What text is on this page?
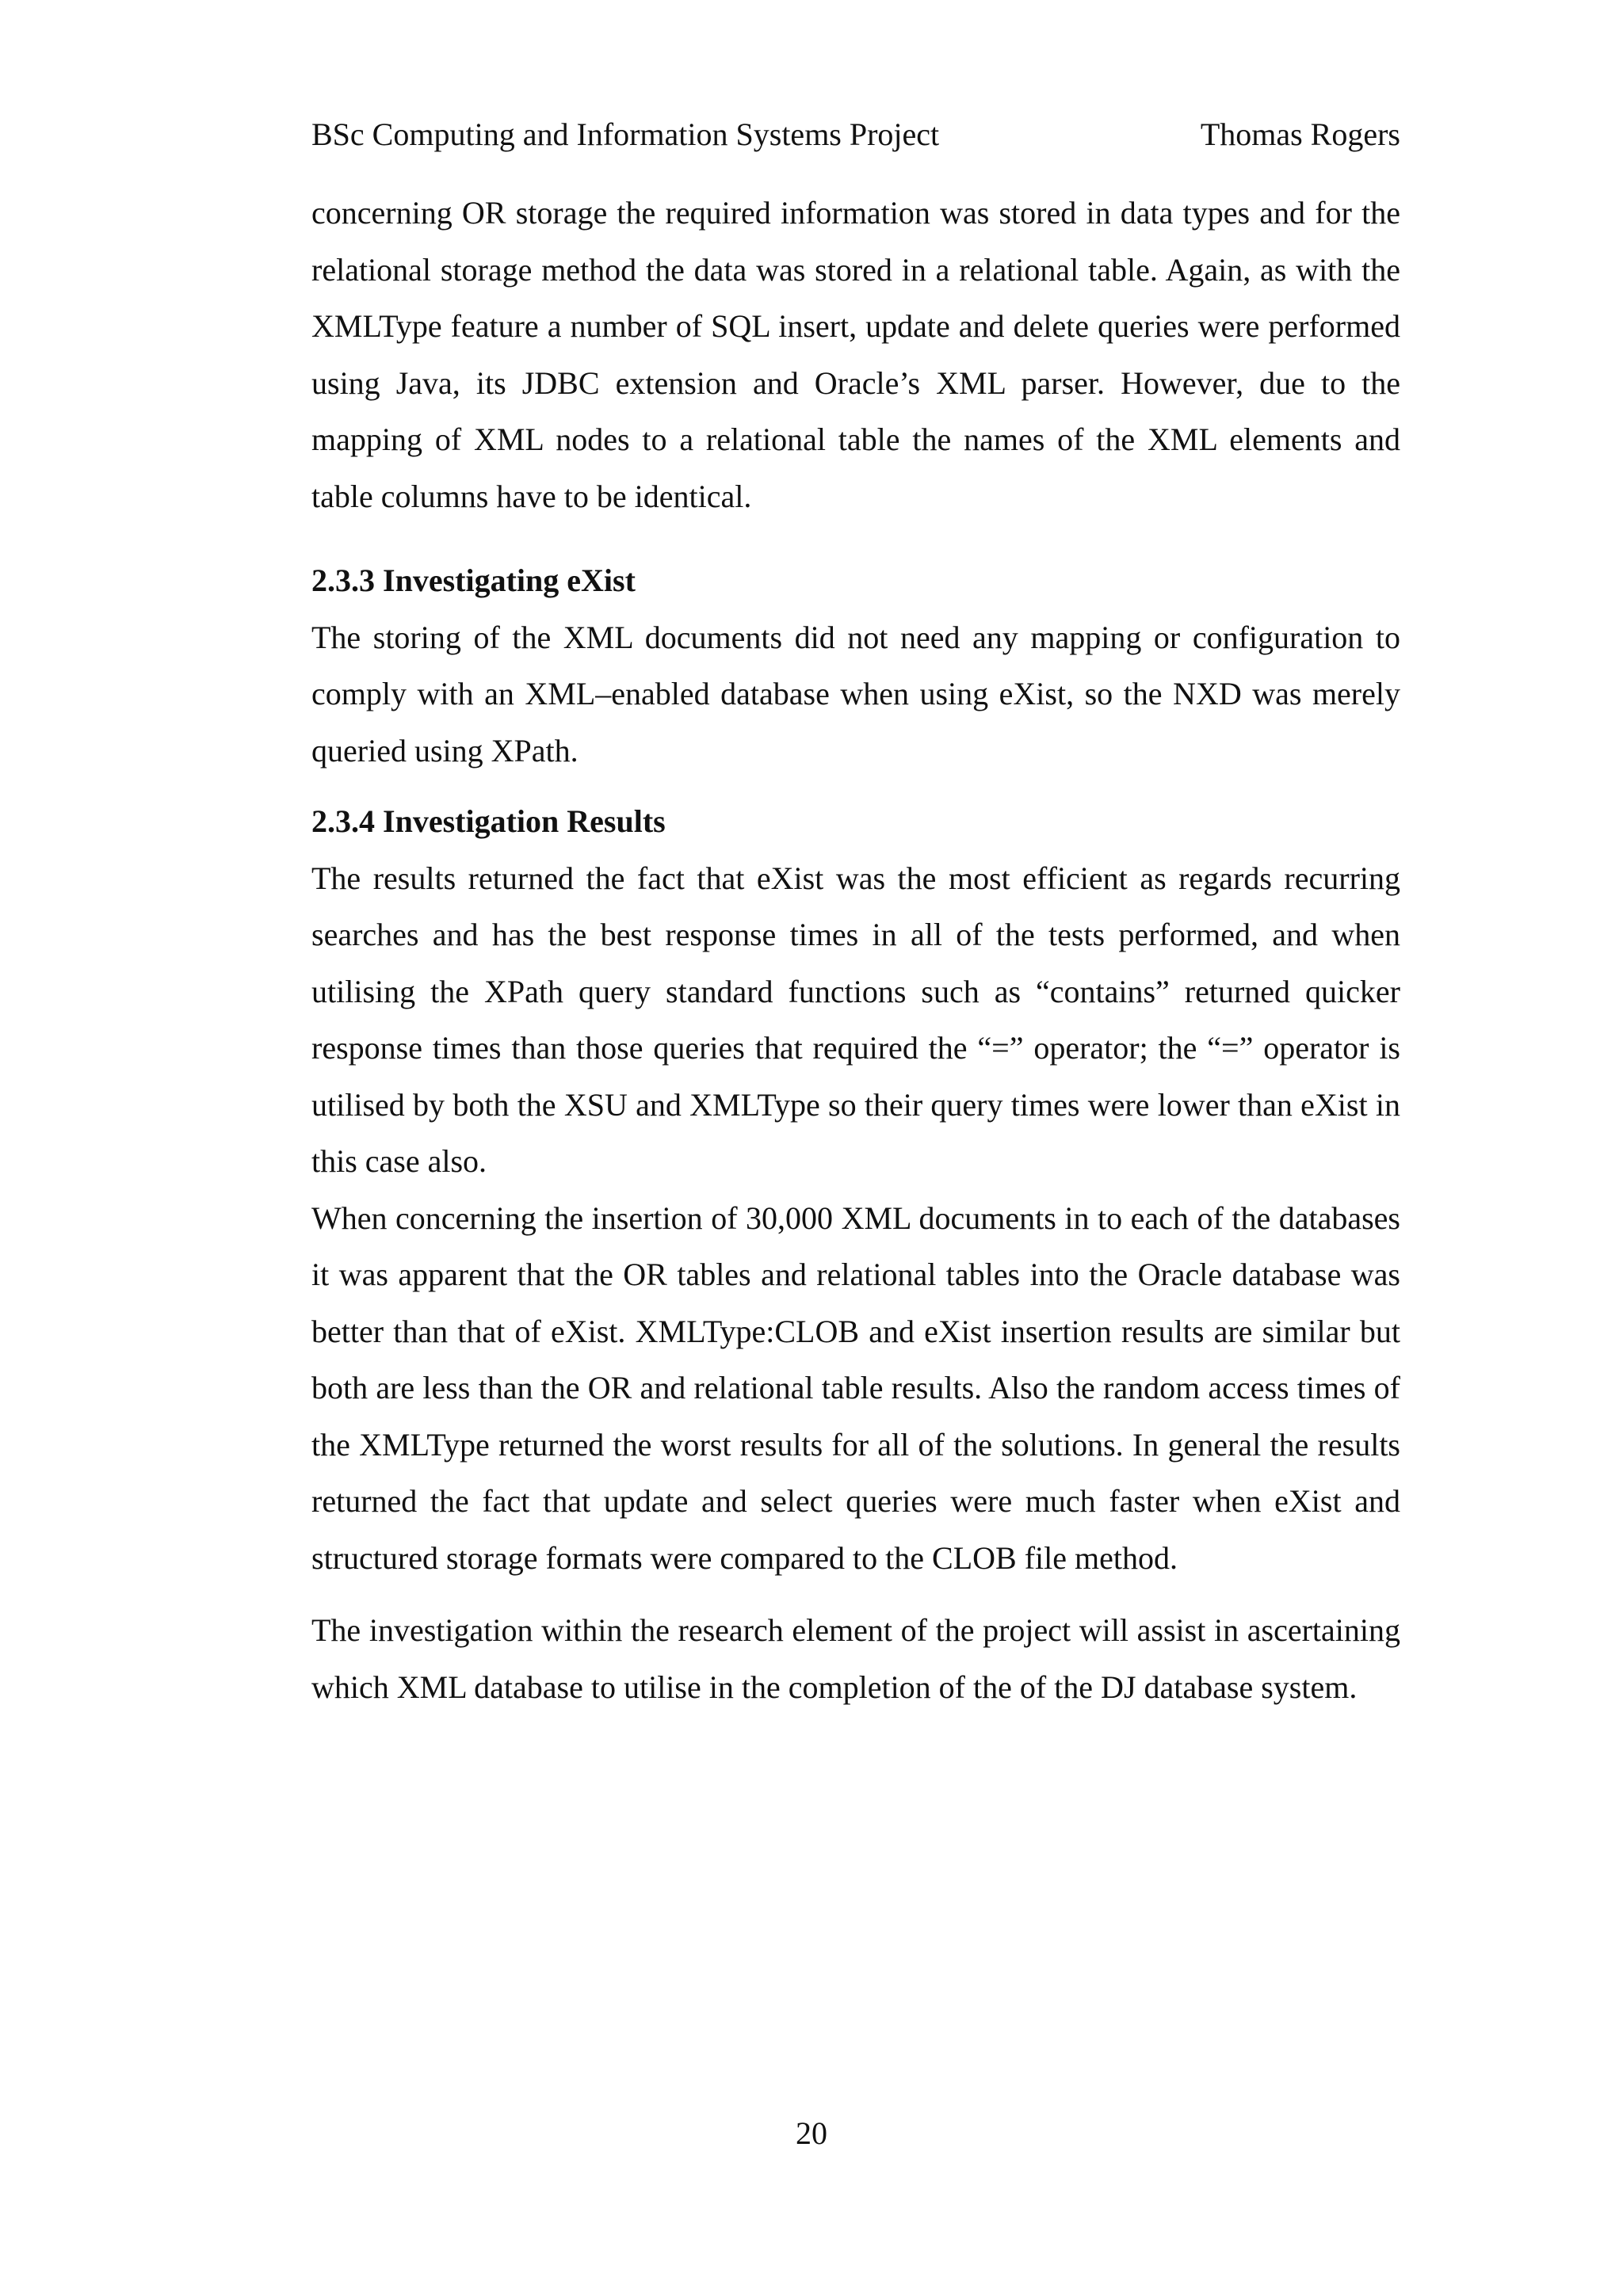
BSc Computing and Information Systems Project	Thomas Rogers

concerning OR storage the required information was stored in data types and for the relational storage method the data was stored in a relational table. Again, as with the XMLType feature a number of SQL insert, update and delete queries were performed using Java, its JDBC extension and Oracle’s XML parser. However, due to the mapping of XML nodes to a relational table the names of the XML elements and table columns have to be identical.

2.3.3 Investigating eXist

The storing of the XML documents did not need any mapping or configuration to comply with an XML–enabled database when using eXist, so the NXD was merely queried using XPath.

2.3.4 Investigation Results

The results returned the fact that eXist was the most efficient as regards recurring searches and has the best response times in all of the tests performed, and when utilising the XPath query standard functions such as “contains” returned quicker response times than those queries that required the “=” operator; the “=” operator is utilised by both the XSU and XMLType so their query times were lower than eXist in this case also.

When concerning the insertion of 30,000 XML documents in to each of the databases it was apparent that the OR tables and relational tables into the Oracle database was better than that of eXist. XMLType:CLOB and eXist insertion results are similar but both are less than the OR and relational table results. Also the random access times of the XMLType returned the worst results for all of the solutions. In general the results returned the fact that update and select queries were much faster when eXist and structured storage formats were compared to the CLOB file method.

The investigation within the research element of the project will assist in ascertaining which XML database to utilise in the completion of the of the DJ database system.

20
